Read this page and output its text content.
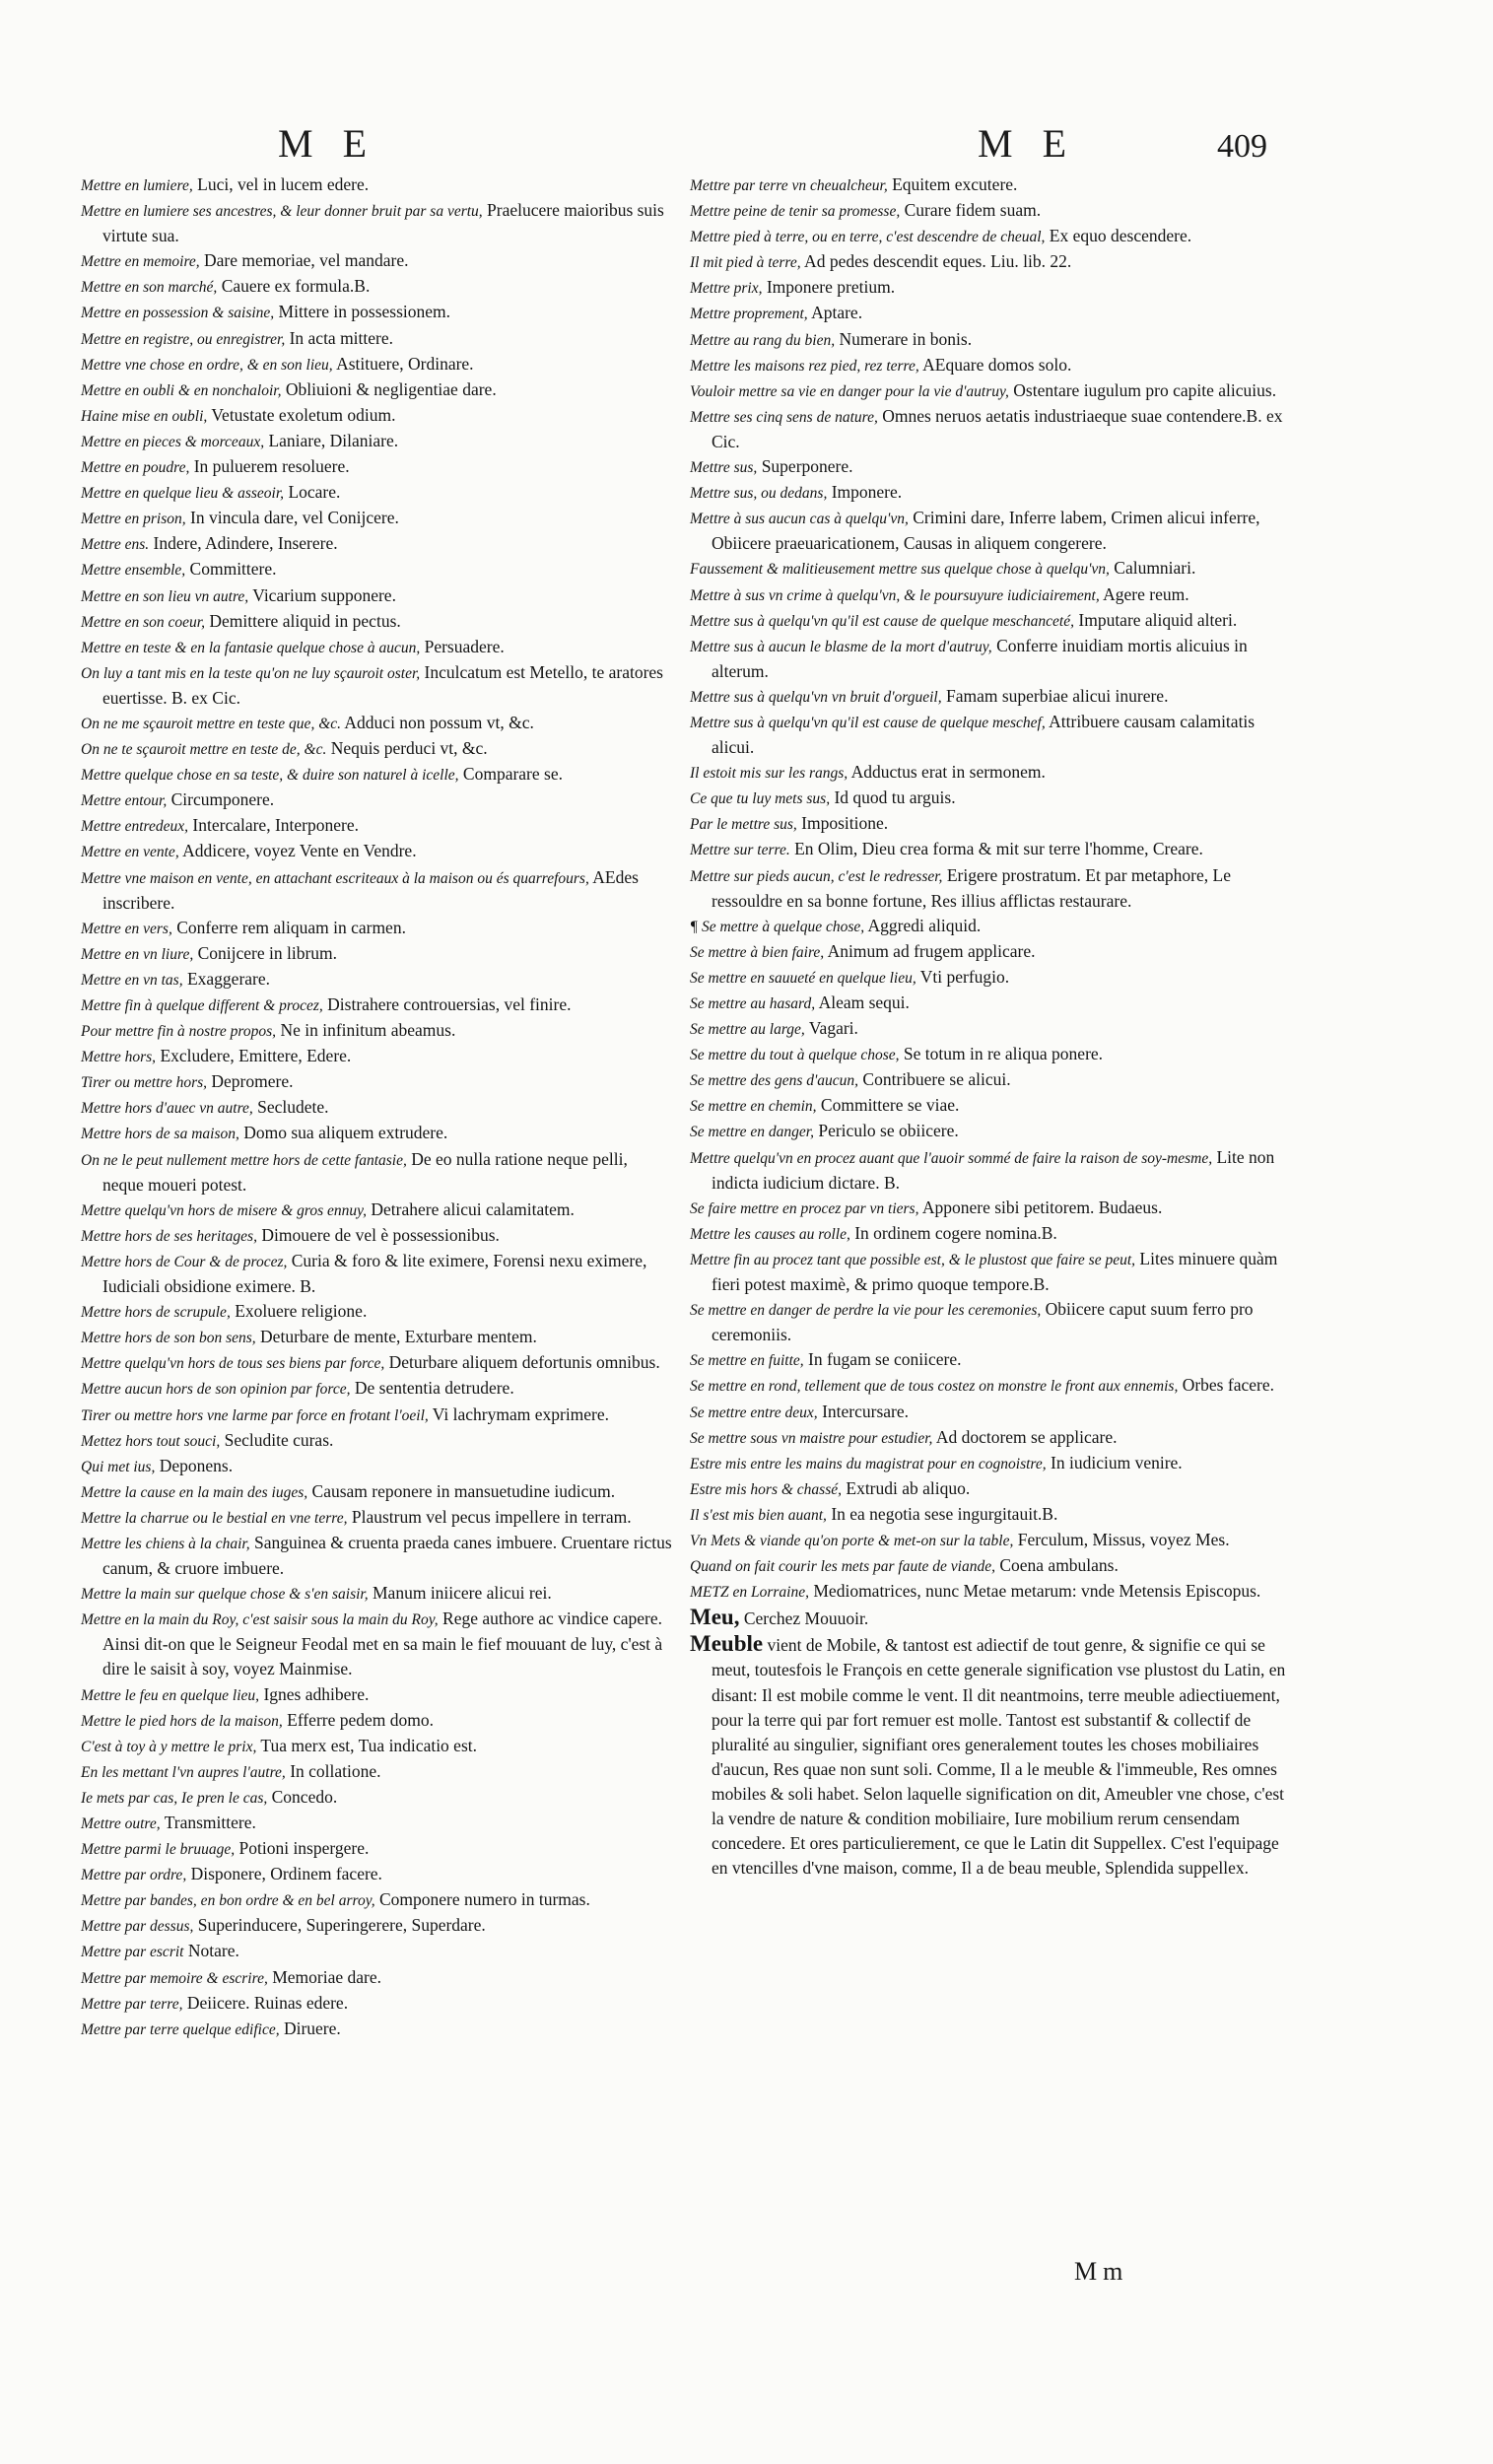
M E	M E	409

Mettre en lumiere, Luci, vel in lucem edere.

Mettre en lumiere ses ancestres, & leur donner bruit par sa vertu, Praelucere maioribus suis virtute sua.

Mettre en memoire, Dare memoriae, vel mandare.

Mettre en son marché, Cauere ex formula.B.

Mettre en possession & saisine, Mittere in possessionem.

Mettre en registre, ou enregistrer, In acta mittere.

Mettre vne chose en ordre, & en son lieu, Astituere, Ordinare.

Mettre en oubli & en nonchaloir, Obliuioni & negligentiae dare.

Haine mise en oubli, Vetustate exoletum odium.

Mettre en pieces & morceaux, Laniare, Dilaniare.

Mettre en poudre, In puluerem resoluere.

Mettre en quelque lieu & asseoir, Locare.

Mettre en prison, In vincula dare, vel Conijcere.

Mettre ens. Indere, Adindere, Inserere.

Mettre ensemble, Committere.

Mettre en son lieu vn autre, Vicarium supponere.

Mettre en son coeur, Demittere aliquid in pectus.

Mettre en teste & en la fantasie quelque chose à aucun, Persuadere.

On luy a tant mis en la teste qu'on ne luy sçauroit oster, Inculcatum est Metello, te aratores euertisse. B. ex Cic.

On ne me sçauroit mettre en teste que, &c. Adduci non possum vt, &c.

On ne te sçauroit mettre en teste de, &c. Nequis perduci vt, &c.

Mettre quelque chose en sa teste, & duire son naturel à icelle, Comparare se.

Mettre entour, Circumponere.

Mettre entredeux, Intercalare, Interponere.

Mettre en vente, Addicere, voyez Vente en Vendre.

Mettre vne maison en vente, en attachant escriteaux à la maison ou és quarrefours, AEdes inscribere.

Mettre en vers, Conferre rem aliquam in carmen.

Mettre en vn liure, Conijcere in librum.

Mettre en vn tas, Exaggerare.

Mettre fin à quelque different & procez, Distrahere controuersias, vel finire.

Pour mettre fin à nostre propos, Ne in infinitum abeamus.

Mettre hors, Excludere, Emittere, Edere.

Tirer ou mettre hors, Depromere.

Mettre hors d'auec vn autre, Secludete.

Mettre hors de sa maison, Domo sua aliquem extrudere.

On ne le peut nullement mettre hors de cette fantasie, De eo nulla ratione neque pelli, neque moueri potest.

Mettre quelqu'vn hors de misere & gros ennuy, Detrahere alicui calamitatem.

Mettre hors de ses heritages, Dimouere de vel è possessionibus.

Mettre hors de Cour & de procez, Curia & foro & lite eximere, Forensi nexu eximere, Iudiciali obsidione eximere. B.

Mettre hors de scrupule, Exoluere religione.

Mettre hors de son bon sens, Deturbare de mente, Exturbare mentem.

Mettre quelqu'vn hors de tous ses biens par force, Deturbare aliquem defortunis omnibus.

Mettre aucun hors de son opinion par force, De sententia detrudere.

Tirer ou mettre hors vne larme par force en frotant l'oeil, Vi lachrymam exprimere.

Mettez hors tout souci, Secludite curas.

Qui met ius, Deponens.

Mettre la cause en la main des iuges, Causam reponere in mansuetudine iudicum.

Mettre la charrue ou le bestial en vne terre, Plaustrum vel pecus impellere in terram.

Mettre les chiens à la chair, Sanguinea & cruenta praeda canes imbuere. Cruentare rictus canum, & cruore imbuere.

Mettre la main sur quelque chose & s'en saisir, Manum iniicere alicui rei.

Mettre en la main du Roy, c'est saisir sous la main du Roy, Rege authore ac vindice capere. Ainsi dit-on que le Seigneur Feodal met en sa main le fief mouuant de luy, c'est à dire le saisit à soy, voyez Mainmise.

Mettre le feu en quelque lieu, Ignes adhibere.

Mettre le pied hors de la maison, Efferre pedem domo.

C'est à toy à y mettre le prix, Tua merx est, Tua indicatio est.

En les mettant l'vn aupres l'autre, In collatione.

Ie mets par cas, Ie pren le cas, Concedo.

Mettre outre, Transmittere.

Mettre parmi le bruuage, Potioni inspergere.

Mettre par ordre, Disponere, Ordinem facere.

Mettre par bandes, en bon ordre & en bel arroy, Componere numero in turmas.

Mettre par dessus, Superinducere, Superingerere, Superdare.

Mettre par escrit Notare.

Mettre par memoire & escrire, Memoriae dare.

Mettre par terre, Deiicere. Ruinas edere.

Mettre par terre quelque edifice, Diruere.

Mettre par terre vn cheualcheur, Equitem excutere.

Mettre peine de tenir sa promesse, Curare fidem suam.

Mettre pied à terre, ou en terre, c'est descendre de cheual, Ex equo descendere.

Il mit pied à terre, Ad pedes descendit eques. Liu. lib. 22.

Mettre prix, Imponere pretium.

Mettre proprement, Aptare.

Mettre au rang du bien, Numerare in bonis.

Mettre les maisons rez pied, rez terre, AEquare domos solo.

Vouloir mettre sa vie en danger pour la vie d'autruy, Ostentare iugulum pro capite alicuius.

Mettre ses cinq sens de nature, Omnes neruos aetatis industriaeque suae contendere.B. ex Cic.

Mettre sus, Superponere.

Mettre sus, ou dedans, Imponere.

Mettre à sus aucun cas à quelqu'vn, Crimini dare, Inferre labem, Crimen alicui inferre, Obiicere praeuaricationem, Causas in aliquem congerere.

Faussement & malitieusement mettre sus quelque chose à quelqu'vn, Calumniari.

Mettre à sus vn crime à quelqu'vn, & le poursuyure iudiciairement, Agere reum.

Mettre sus à quelqu'vn qu'il est cause de quelque meschanceté, Imputare aliquid alteri.

Mettre sus à aucun le blasme de la mort d'autruy, Conferre inuidiam mortis alicuius in alterum.

Mettre sus à quelqu'vn vn bruit d'orgueil, Famam superbiae alicui inurere.

Mettre sus à quelqu'vn qu'il est cause de quelque meschef, Attribuere causam calamitatis alicui.

Il estoit mis sur les rangs, Adductus erat in sermonem.

Ce que tu luy mets sus, Id quod tu arguis.

Par le mettre sus, Impositione.

Mettre sur terre. En Olim, Dieu crea forma & mit sur terre l'homme, Creare.

Mettre sur pieds aucun, c'est le redresser, Erigere prostratum. Et par metaphore, Le ressouldre en sa bonne fortune, Res illius afflictas restaurare.

¶ Se mettre à quelque chose, Aggredi aliquid.

Se mettre à bien faire, Animum ad frugem applicare.

Se mettre en sauueté en quelque lieu, Vti perfugio.

Se mettre au hasard, Aleam sequi.

Se mettre au large, Vagari.

Se mettre du tout à quelque chose, Se totum in re aliqua ponere.

Se mettre des gens d'aucun, Contribuere se alicui.

Se mettre en chemin, Committere se viae.

Se mettre en danger, Periculo se obiicere.

Mettre quelqu'vn en procez auant que l'auoir sommé de faire la raison de soy-mesme, Lite non indicta iudicium dictare. B.

Se faire mettre en procez par vn tiers, Apponere sibi petitorem. Budaeus.

Mettre les causes au rolle, In ordinem cogere nomina.B.

Mettre fin au procez tant que possible est, & le plustost que faire se peut, Lites minuere quàm fieri potest maximè, & primo quoque tempore.B.

Se mettre en danger de perdre la vie pour les ceremonies, Obiicere caput suum ferro pro ceremoniis.

Se mettre en fuitte, In fugam se coniicere.

Se mettre en rond, tellement que de tous costez on monstre le front aux ennemis, Orbes facere.

Se mettre entre deux, Intercursare.

Se mettre sous vn maistre pour estudier, Ad doctorem se applicare.

Estre mis entre les mains du magistrat pour en cognoistre, In iudicium venire.

Estre mis hors & chassé, Extrudi ab aliquo.

Il s'est mis bien auant, In ea negotia sese ingurgitauit.B.

Vn Mets & viande qu'on porte & met-on sur la table, Ferculum, Missus, voyez Mes.

Quand on fait courir les mets par faute de viande, Coena ambulans.

METZ en Lorraine, Mediomatrices, nunc Metae metarum: vnde Metensis Episcopus.

Meu, Cerchez Mouuoir.

Meuble vient de Mobile, & tantost est adiectif de tout genre, & signifie ce qui se meut, toutesfois le François en cette generale signification vse plustost du Latin, en disant: Il est mobile comme le vent. Il dit neantmoins, terre meuble adiectiuement, pour la terre qui par fort remuer est molle. Tantost est substantif & collectif de pluralité au singulier, signifiant ores generalement toutes les choses mobiliaires d'aucun, Res quae non sunt soli. Comme, Il a le meuble & l'immeuble, Res omnes mobiles & soli habet. Selon laquelle signification on dit, Ameubler vne chose, c'est la vendre de nature & condition mobiliaire, Iure mobilium rerum censendam concedere. Et ores particulierement, ce que le Latin dit Suppellex. C'est l'equipage en vtencilles d'vne maison, comme, Il a de beau meuble, Splendida suppellex.

Mm
